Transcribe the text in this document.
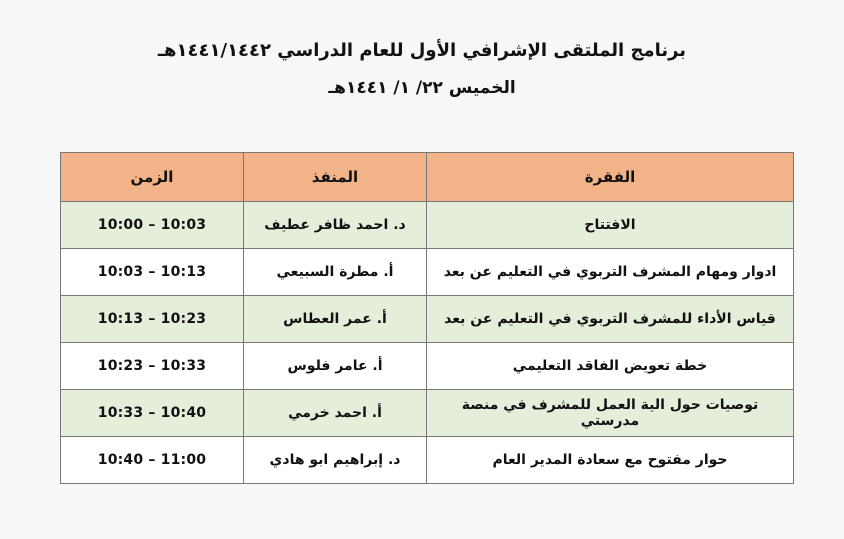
برنامج الملتقى الإشرافي الأول للعام الدراسي ١٤٤١/١٤٤٢هـ
الخميس ٢٢/ ١/ ١٤٤١هـ
الفقرة	المنفذ	الزمن
الافتتاح	د. احمد ظافر عطيف	10:00 – 10:03
ادوار ومهام المشرف التربوي في التعليم عن بعد	أ. مطرة السبيعي	10:03 – 10:13
قياس الأداء للمشرف التربوي في التعليم عن بعد	أ. عمر العطاس	10:13 – 10:23
خطة تعويض الفاقد التعليمي	أ. عامر فلوس	10:23 – 10:33
توصيات حول الية العمل للمشرف في منصة مدرستي	أ. احمد خرمي	10:33 – 10:40
حوار مفتوح مع سعادة المدير العام	د. إبراهيم ابو هادي	10:40 – 11:00
